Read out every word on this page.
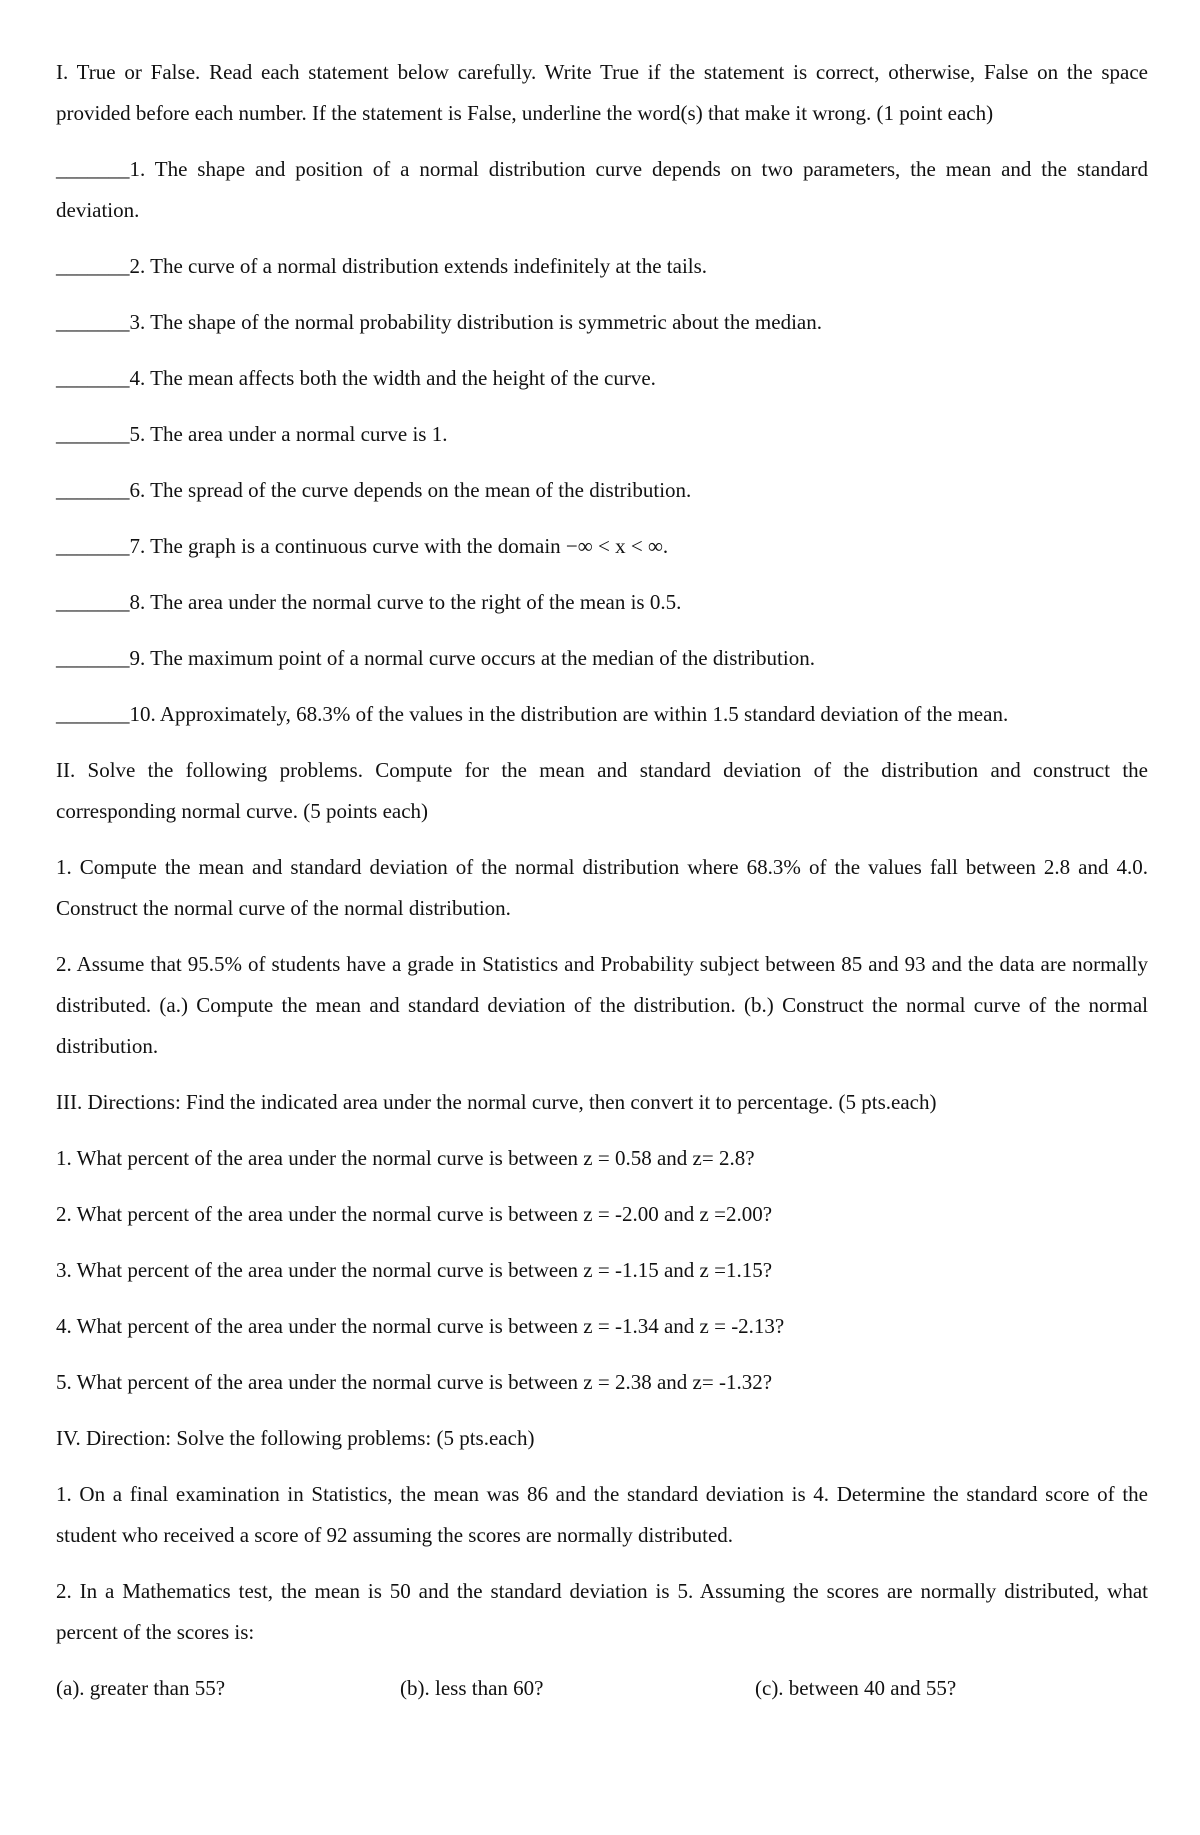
I. True or False. Read each statement below carefully. Write True if the statement is correct, otherwise, False on the space provided before each number. If the statement is False, underline the word(s) that make it wrong. (1 point each)

_______1. The shape and position of a normal distribution curve depends on two parameters, the mean and the standard deviation.

_______2. The curve of a normal distribution extends indefinitely at the tails.

_______3. The shape of the normal probability distribution is symmetric about the median.

_______4. The mean affects both the width and the height of the curve.

_______5. The area under a normal curve is 1.

_______6. The spread of the curve depends on the mean of the distribution.

_______7. The graph is a continuous curve with the domain −∞ < x < ∞.

_______8. The area under the normal curve to the right of the mean is 0.5.

_______9. The maximum point of a normal curve occurs at the median of the distribution.

_______10. Approximately, 68.3% of the values in the distribution are within 1.5 standard deviation of the mean.

II. Solve the following problems. Compute for the mean and standard deviation of the distribution and construct the corresponding normal curve. (5 points each)

1. Compute the mean and standard deviation of the normal distribution where 68.3% of the values fall between 2.8 and 4.0. Construct the normal curve of the normal distribution.

2. Assume that 95.5% of students have a grade in Statistics and Probability subject between 85 and 93 and the data are normally distributed. (a.) Compute the mean and standard deviation of the distribution. (b.) Construct the normal curve of the normal distribution.

III. Directions: Find the indicated area under the normal curve, then convert it to percentage. (5 pts.each)

1. What percent of the area under the normal curve is between z = 0.58 and z= 2.8?

2. What percent of the area under the normal curve is between z = -2.00 and z =2.00?

3. What percent of the area under the normal curve is between z = -1.15 and z =1.15?

4. What percent of the area under the normal curve is between z = -1.34 and z = -2.13?

5. What percent of the area under the normal curve is between z = 2.38 and z= -1.32?

IV. Direction: Solve the following problems: (5 pts.each)

1. On a final examination in Statistics, the mean was 86 and the standard deviation is 4. Determine the standard score of the student who received a score of 92 assuming the scores are normally distributed.

2. In a Mathematics test, the mean is 50 and the standard deviation is 5. Assuming the scores are normally distributed, what percent of the scores is:

(a). greater than 55?	(b). less than 60?	(c). between 40 and 55?
